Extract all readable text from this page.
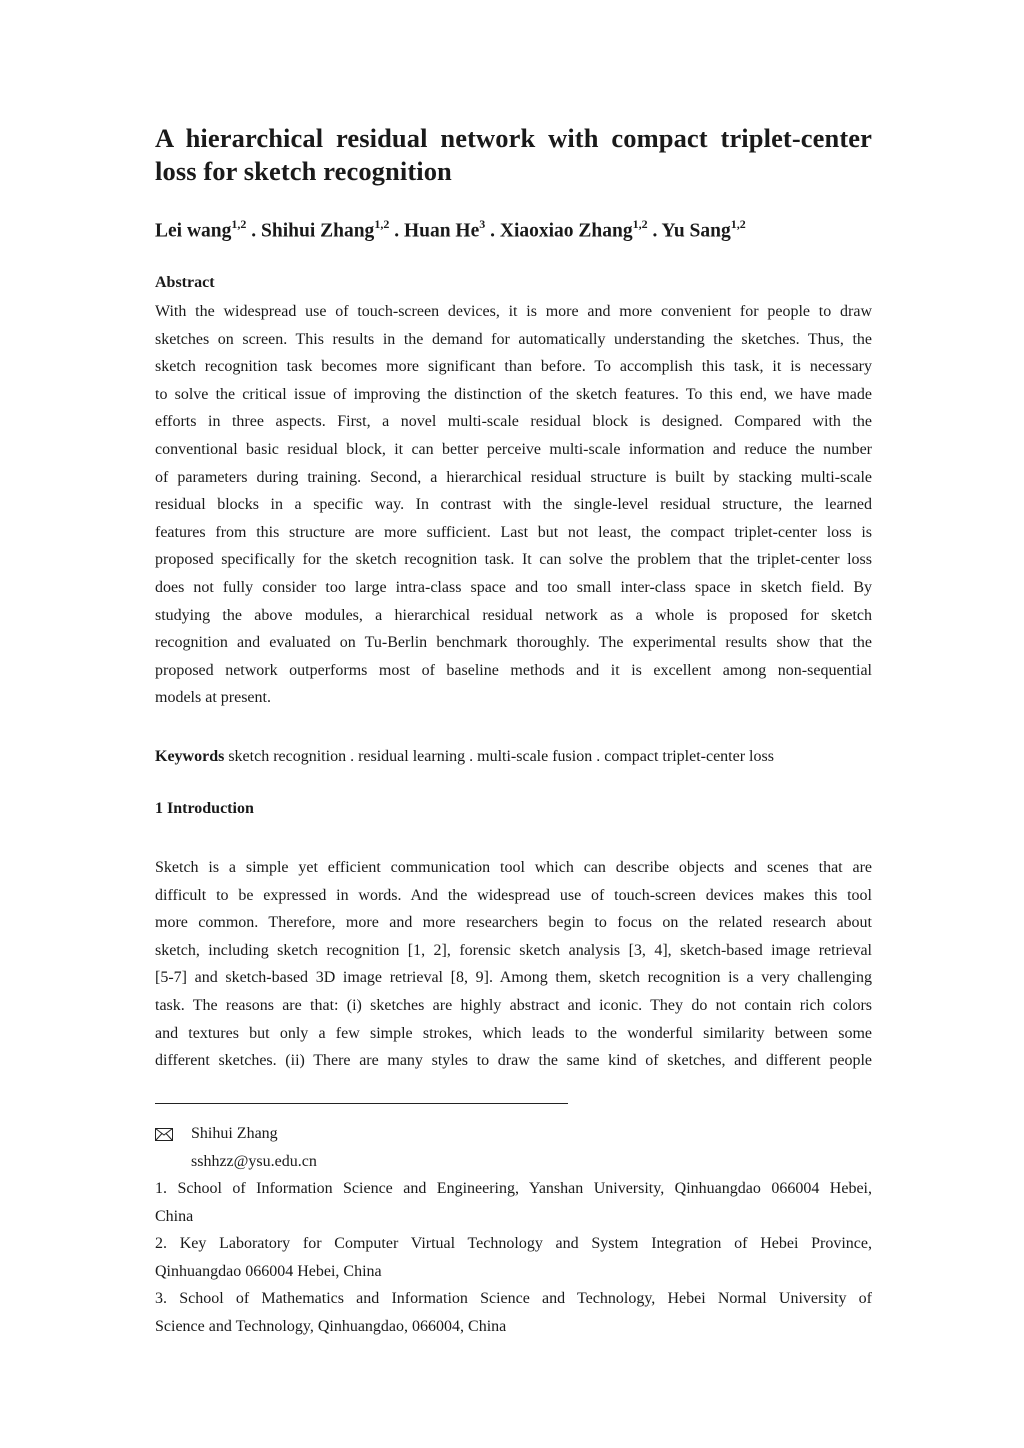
A hierarchical residual network with compact triplet-center
loss for sketch recognition
Lei wang$^{1,2}$ . Shihui Zhang$^{1,2}$ . Huan He$^3$ . Xiaoxiao Zhang$^{1,2}$ . Yu Sang$^{1,2}$
Abstract
With the widespread use of touch-screen devices, it is more and more convenient for people to draw
sketches on screen. This results in the demand for automatically understanding the sketches. Thus, the
sketch recognition task becomes more significant than before. To accomplish this task, it is necessary
to solve the critical issue of improving the distinction of the sketch features. To this end, we have made
efforts in three aspects. First, a novel multi-scale residual block is designed. Compared with the
conventional basic residual block, it can better perceive multi-scale information and reduce the number
of parameters during training. Second, a hierarchical residual structure is built by stacking multi-scale
residual blocks in a specific way. In contrast with the single-level residual structure, the learned
features from this structure are more sufficient. Last but not least, the compact triplet-center loss is
proposed specifically for the sketch recognition task. It can solve the problem that the triplet-center loss
does not fully consider too large intra-class space and too small inter-class space in sketch field. By
studying the above modules, a hierarchical residual network as a whole is proposed for sketch
recognition and evaluated on Tu-Berlin benchmark thoroughly. The experimental results show that the
proposed network outperforms most of baseline methods and it is excellent among non-sequential
models at present.
Keywords sketch recognition . residual learning . multi-scale fusion . compact triplet-center loss
1 Introduction
Sketch is a simple yet efficient communication tool which can describe objects and scenes that are
difficult to be expressed in words. And the widespread use of touch-screen devices makes this tool
more common. Therefore, more and more researchers begin to focus on the related research about
sketch, including sketch recognition [1, 2], forensic sketch analysis [3, 4], sketch-based image retrieval
[5-7] and sketch-based 3D image retrieval [8, 9]. Among them, sketch recognition is a very challenging
task. The reasons are that: (i) sketches are highly abstract and iconic. They do not contain rich colors
and textures but only a few simple strokes, which leads to the wonderful similarity between some
different sketches. (ii) There are many styles to draw the same kind of sketches, and different people
Shihui Zhang
sshhzz@ysu.edu.cn
1. School of Information Science and Engineering, Yanshan University, Qinhuangdao 066004 Hebei,
China
2. Key Laboratory for Computer Virtual Technology and System Integration of Hebei Province,
Qinhuangdao 066004 Hebei, China
3. School of Mathematics and Information Science and Technology, Hebei Normal University of
Science and Technology, Qinhuangdao, 066004, China
